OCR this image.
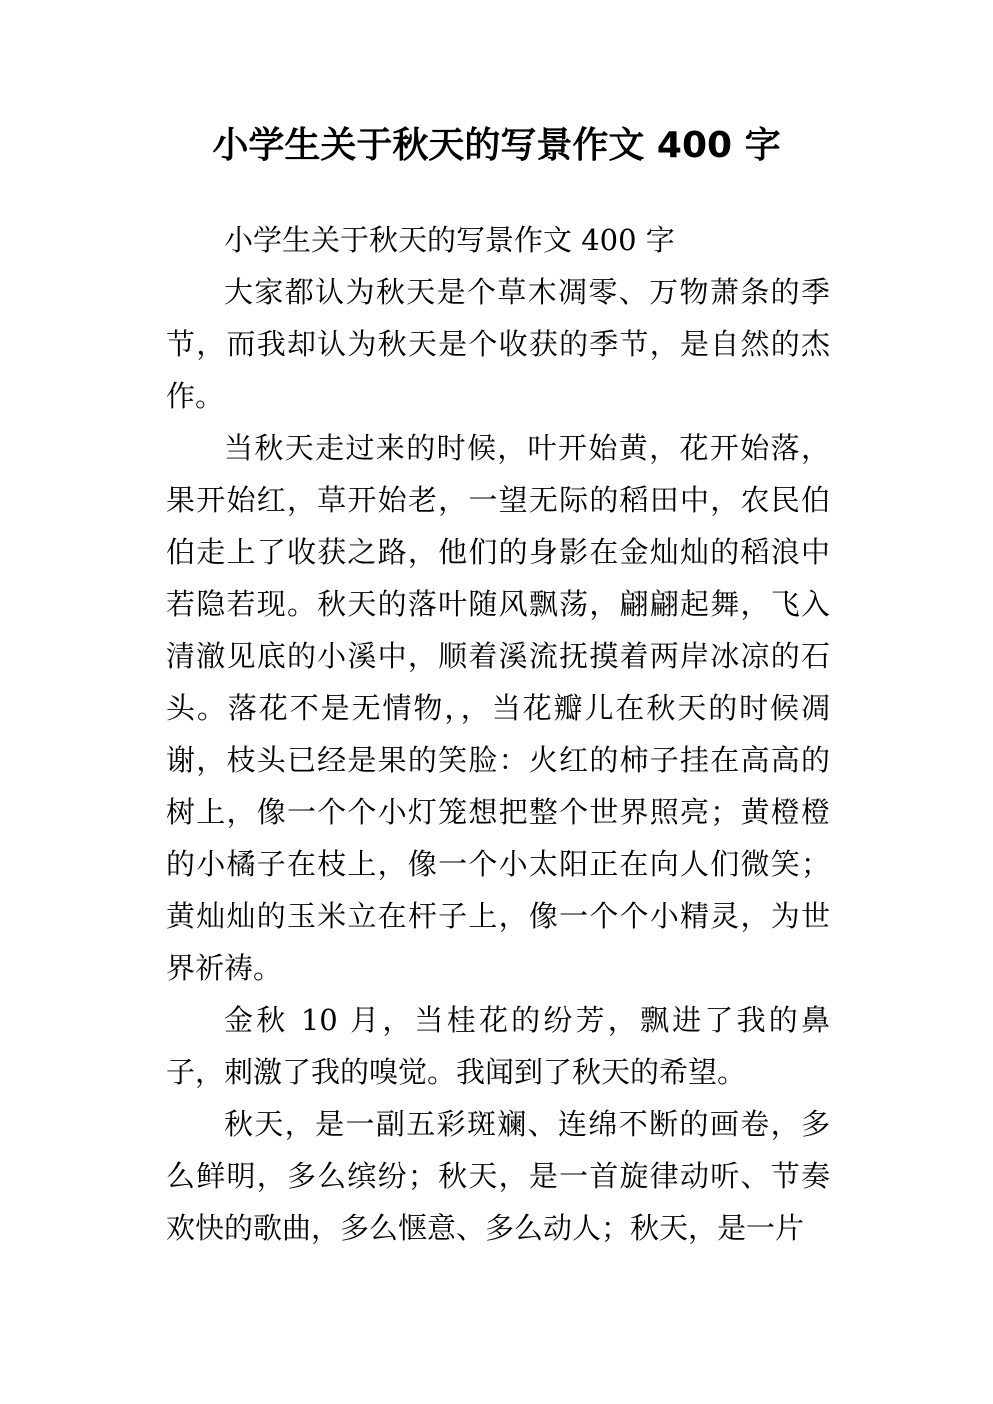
小学生关于秋天的写景作文 400 字

小学生关于秋天的写景作文 400 字

大家都认为秋天是个草木凋零、万物萧条的季节，而我却认为秋天是个收获的季节，是自然的杰作。

当秋天走过来的时候，叶开始黄，花开始落，果开始红，草开始老，一望无际的稻田中，农民伯伯走上了收获之路，他们的身影在金灿灿的稻浪中若隐若现。秋天的落叶随风飘荡，翩翩起舞，飞入清澈见底的小溪中，顺着溪流抚摸着两岸冰凉的石头。落花不是无情物，，当花瓣儿在秋天的时候凋谢，枝头已经是果的笑脸：火红的柿子挂在高高的树上，像一个个小灯笼想把整个世界照亮；黄橙橙的小橘子在枝上，像一个小太阳正在向人们微笑；黄灿灿的玉米立在杆子上，像一个个小精灵，为世界祈祷。

金秋 10 月，当桂花的纷芳，飘进了我的鼻子，刺激了我的嗅觉。我闻到了秋天的希望。

秋天，是一副五彩斑斓、连绵不断的画卷，多么鲜明，多么缤纷；秋天，是一首旋律动听、节奏欢快的歌曲，多么惬意、多么动人；秋天，是一片
